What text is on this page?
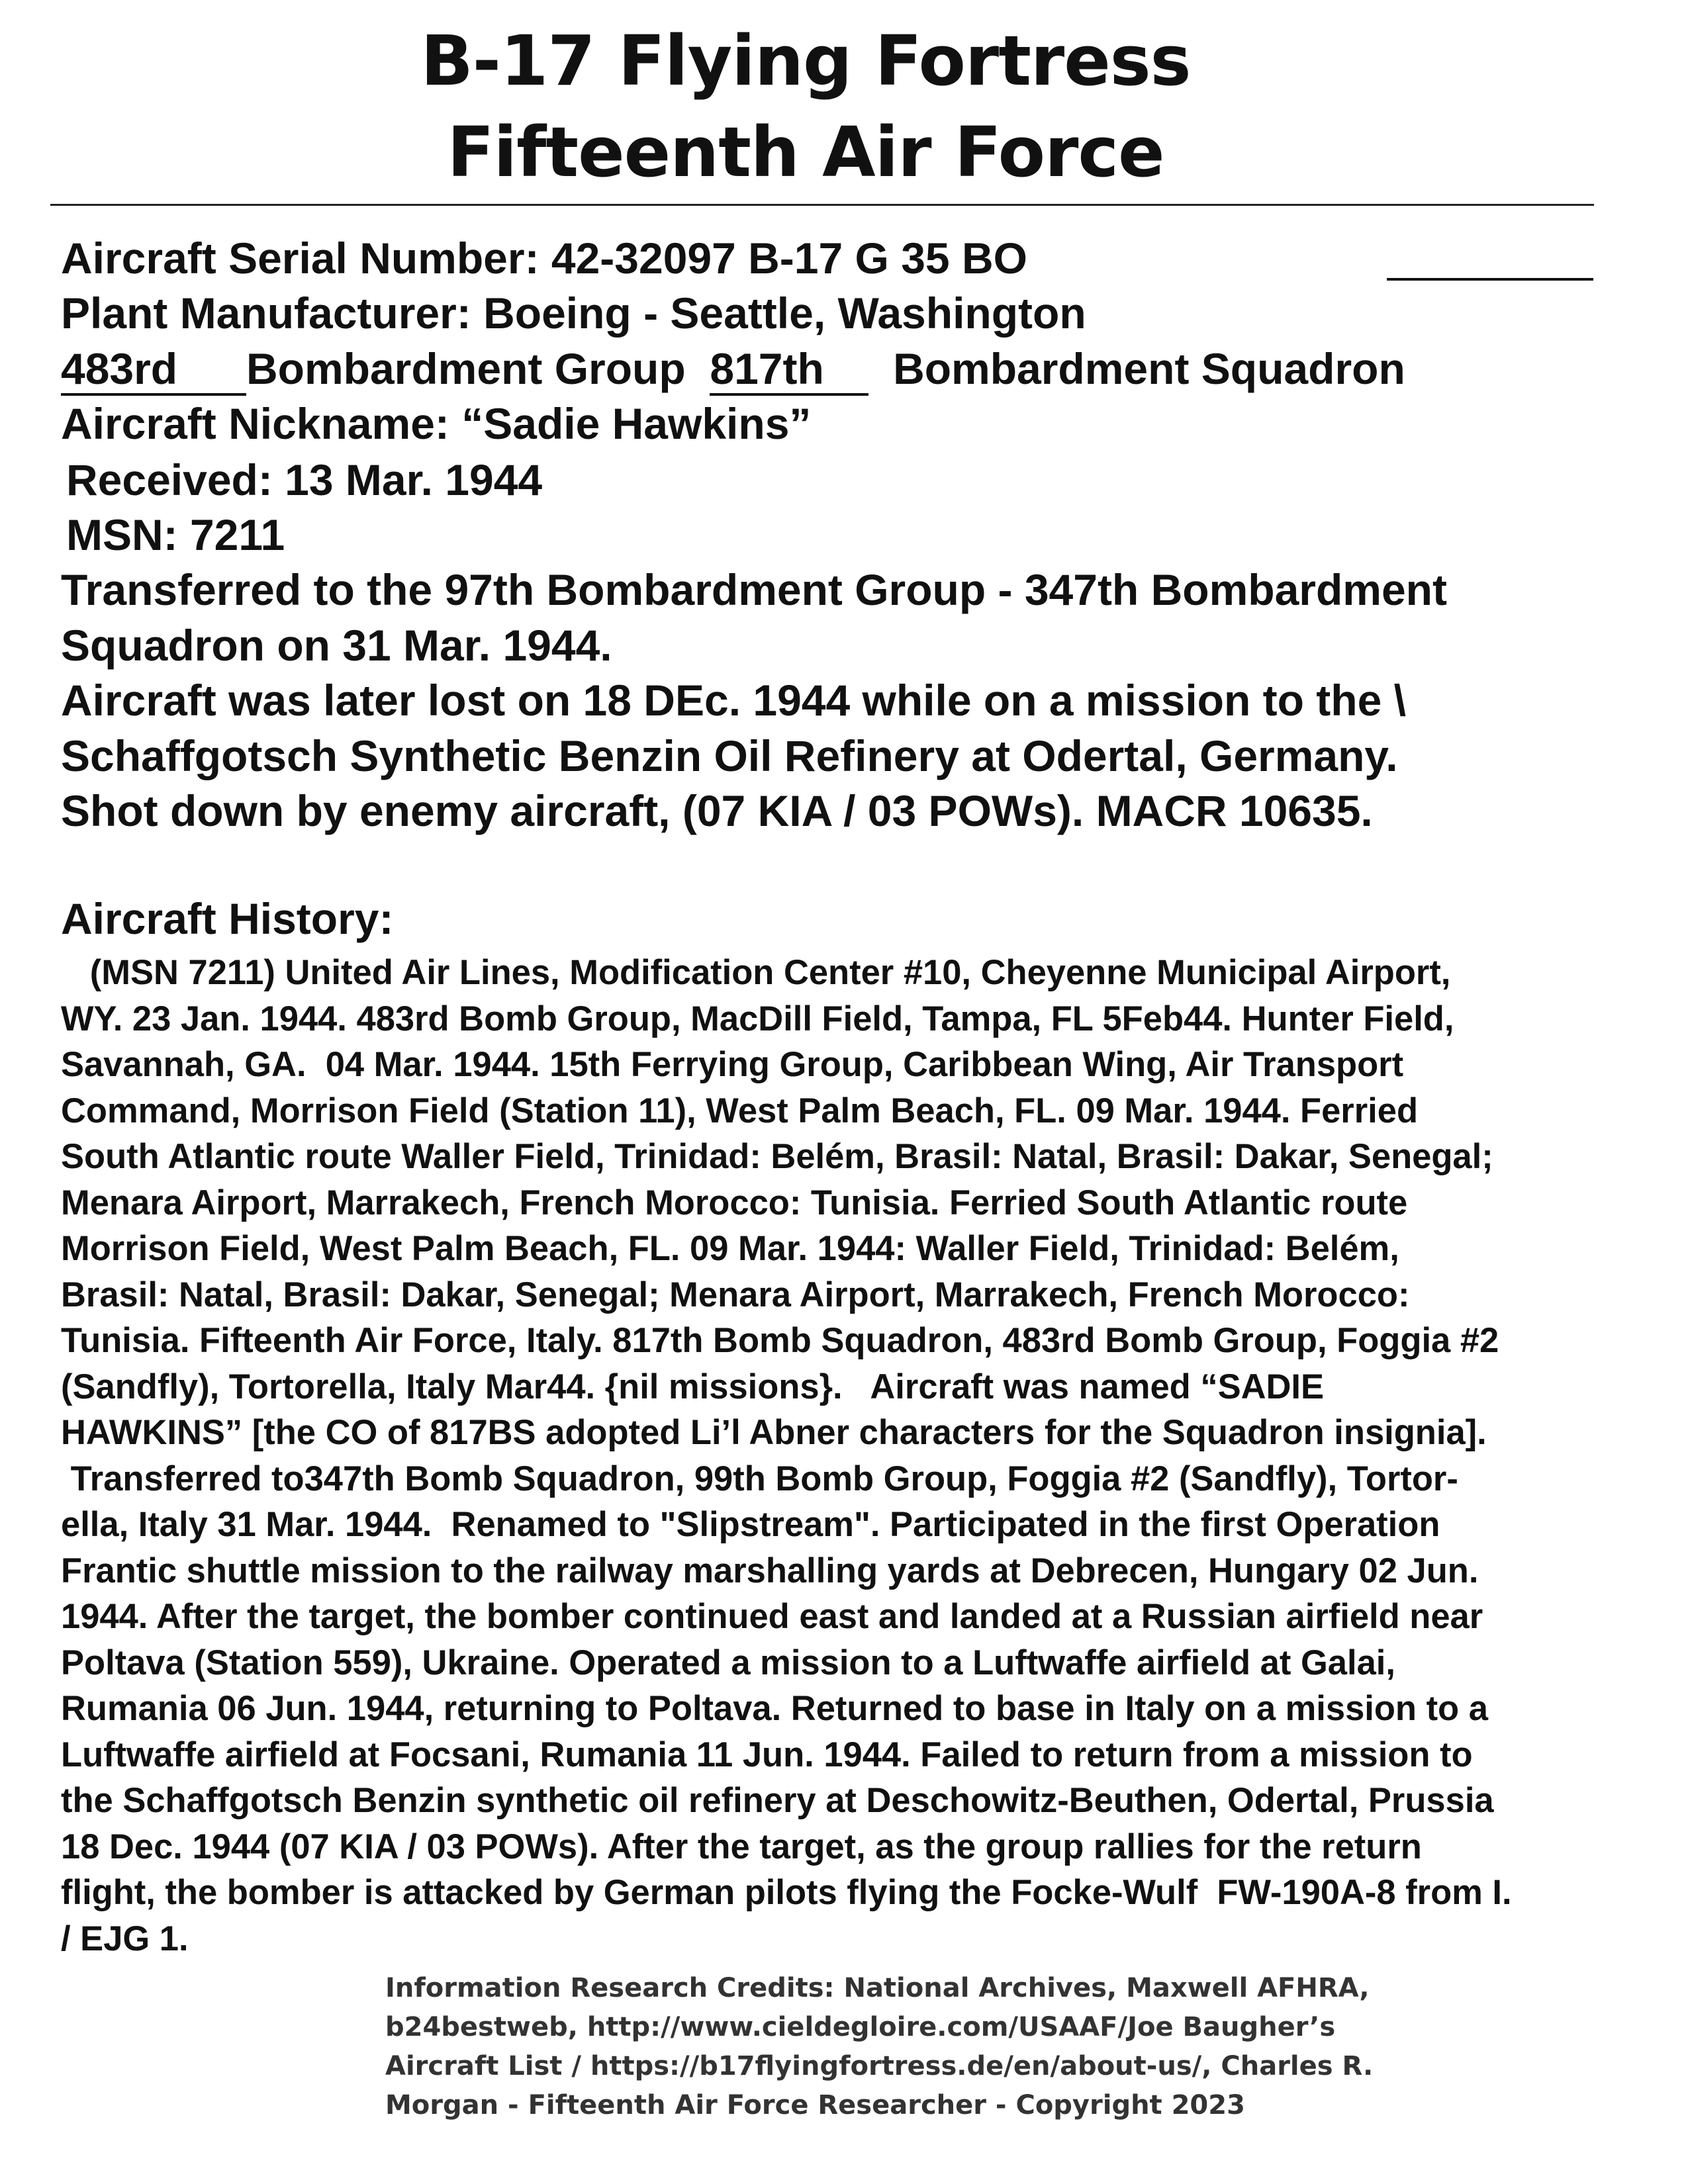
B-17 Flying Fortress
Fifteenth Air Force
Aircraft Serial Number: 42-32097 B-17 G 35 BO
Plant Manufacturer: Boeing - Seattle, Washington
483rd Bombardment Group 817th Bombardment Squadron
Aircraft Nickname: “Sadie Hawkins”
Received: 13 Mar. 1944
MSN: 7211
Transferred to the 97th Bombardment Group - 347th Bombardment
Squadron on 31 Mar. 1944.
Aircraft was later lost on 18 DEc. 1944 while on a mission to the \
Schaffgotsch Synthetic Benzin Oil Refinery at Odertal, Germany.
Shot down by enemy aircraft, (07 KIA / 03 POWs). MACR 10635.
Aircraft History:
(MSN 7211) United Air Lines, Modification Center #10, Cheyenne Municipal Airport,
WY. 23 Jan. 1944. 483rd Bomb Group, MacDill Field, Tampa, FL 5Feb44. Hunter Field,
Savannah, GA.  04 Mar. 1944. 15th Ferrying Group, Caribbean Wing, Air Transport
Command, Morrison Field (Station 11), West Palm Beach, FL. 09 Mar. 1944. Ferried
South Atlantic route Waller Field, Trinidad: Belém, Brasil: Natal, Brasil: Dakar, Senegal;
Menara Airport, Marrakech, French Morocco: Tunisia. Ferried South Atlantic route
Morrison Field, West Palm Beach, FL. 09 Mar. 1944: Waller Field, Trinidad: Belém,
Brasil: Natal, Brasil: Dakar, Senegal; Menara Airport, Marrakech, French Morocco:
Tunisia. Fifteenth Air Force, Italy. 817th Bomb Squadron, 483rd Bomb Group, Foggia #2
(Sandfly), Tortorella, Italy Mar44. {nil missions}.   Aircraft was named “SADIE
HAWKINS” [the CO of 817BS adopted Li’l Abner characters for the Squadron insignia].
Transferred to347th Bomb Squadron, 99th Bomb Group, Foggia #2 (Sandfly), Tortor-
ella, Italy 31 Mar. 1944.  Renamed to "Slipstream". Participated in the first Operation
Frantic shuttle mission to the railway marshalling yards at Debrecen, Hungary 02 Jun.
1944. After the target, the bomber continued east and landed at a Russian airfield near
Poltava (Station 559), Ukraine. Operated a mission to a Luftwaffe airfield at Galai,
Rumania 06 Jun. 1944, returning to Poltava. Returned to base in Italy on a mission to a
Luftwaffe airfield at Focsani, Rumania 11 Jun. 1944. Failed to return from a mission to
the Schaffgotsch Benzin synthetic oil refinery at Deschowitz-Beuthen, Odertal, Prussia
18 Dec. 1944 (07 KIA / 03 POWs). After the target, as the group rallies for the return
flight, the bomber is attacked by German pilots flying the Focke-Wulf  FW-190A-8 from I.
/ EJG 1.
Information Research Credits: National Archives, Maxwell AFHRA,
b24bestweb, http://www.cieldegloire.com/USAAF/Joe Baugher’s
Aircraft List / https://b17flyingfortress.de/en/about-us/, Charles R.
Morgan - Fifteenth Air Force Researcher - Copyright 2023
